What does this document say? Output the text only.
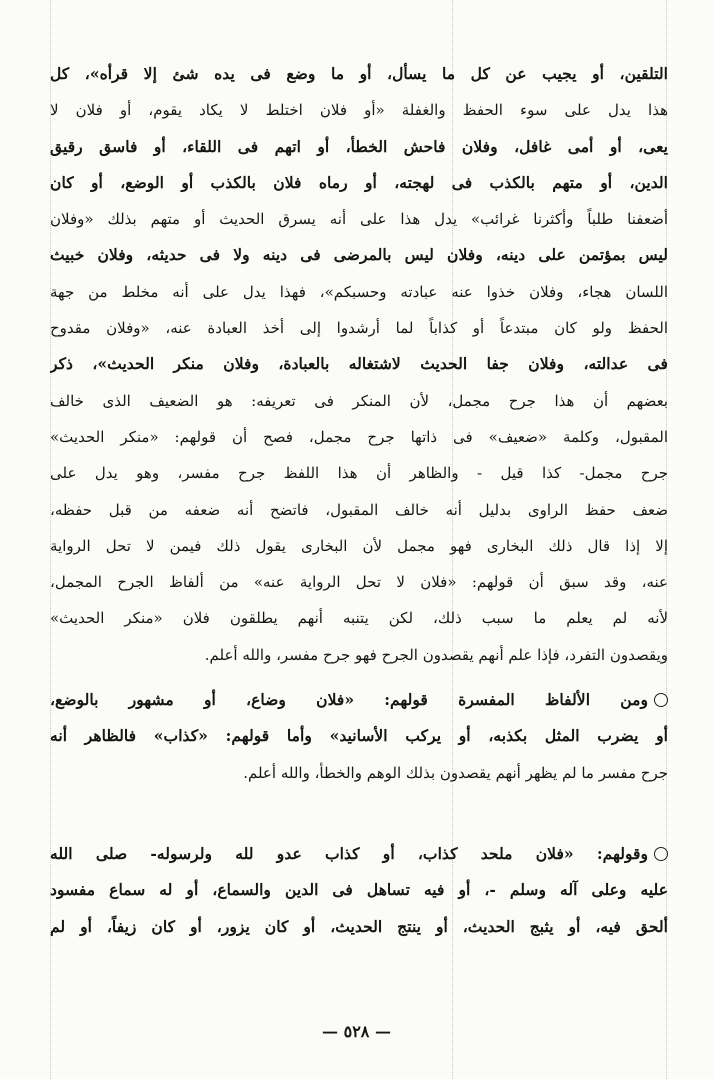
التلقين، أو يجيب عن كل ما يسأل، أو ما وضع فى يده شئ إلا قرأه»، كل
هذا يدل على سوء الحفظ والغفلة «أو فلان اختلط لا يكاد يقوم، أو فلان لا
يعى، أو أمى غافل، وفلان فاحش الخطأ، أو اتهم فى اللقاء، أو فاسق رقيق
الدين، أو متهم بالكذب فى لهجته، أو رماه فلان بالكذب أو الوضع، أو كان
أضعفنا طلباً وأكثرنا غرائب» يدل هذا على أنه يسرق الحديث أو متهم بذلك «وفلان
ليس بمؤتمن على دينه، وفلان ليس بالمرضى فى دينه ولا فى حديثه، وفلان خبيث
اللسان هجاء، وفلان خذوا عنه عبادته وحسبكم»، فهذا يدل على أنه مخلط من جهة
الحفظ ولو كان مبتدعاً أو كذاباً لما أرشدوا إلى أخذ العبادة عنه، «وفلان مقدوح
فى عدالته، وفلان جفا الحديث لاشتغاله بالعبادة، وفلان منكر الحديث»، ذكر
بعضهم أن هذا جرح مجمل، لأن المنكر فى تعريفه: هو الضعيف الذى خالف
المقبول، وكلمة «ضعيف» فى ذاتها جرح مجمل، فصح أن قولهم: «منكر الحديث»
جرح مجمل- كذا قيل - والظاهر أن هذا اللفظ جرح مفسر، وهو يدل على
ضعف حفظ الراوى بدليل أنه خالف المقبول، فاتضح أنه ضعفه من قبل حفظه،
إلا إذا قال ذلك البخارى فهو مجمل لأن البخارى يقول ذلك فيمن لا تحل الرواية
عنه، وقد سبق أن قولهم: «فلان لا تحل الرواية عنه» من ألفاظ الجرح المجمل،
لأنه لم يعلم ما سبب ذلك، لكن يتنبه أنهم يطلقون فلان «منكر الحديث»
ويقصدون التفرد، فإذا علم أنهم يقصدون الجرح فهو جرح مفسر، والله أعلم.
ومن الألفاظ المفسرة قولهم: «فلان وضاع، أو مشهور بالوضع،
أو يضرب المثل بكذبه، أو يركب الأسانيد» وأما قولهم: «كذاب» فالظاهر أنه
جرح مفسر ما لم يظهر أنهم يقصدون بذلك الوهم والخطأ، والله أعلم.
وقولهم: «فلان ملحد كذاب، أو كذاب عدو لله ولرسوله- صلى الله
عليه وعلى آله وسلم -، أو فيه تساهل فى الدين والسماع، أو له سماع مفسود
ألحق فيه، أو يثبج الحديث، أو ينتج الحديث، أو كان يزور، أو كان زيفاً، أو لم
— ٥٢٨ —
